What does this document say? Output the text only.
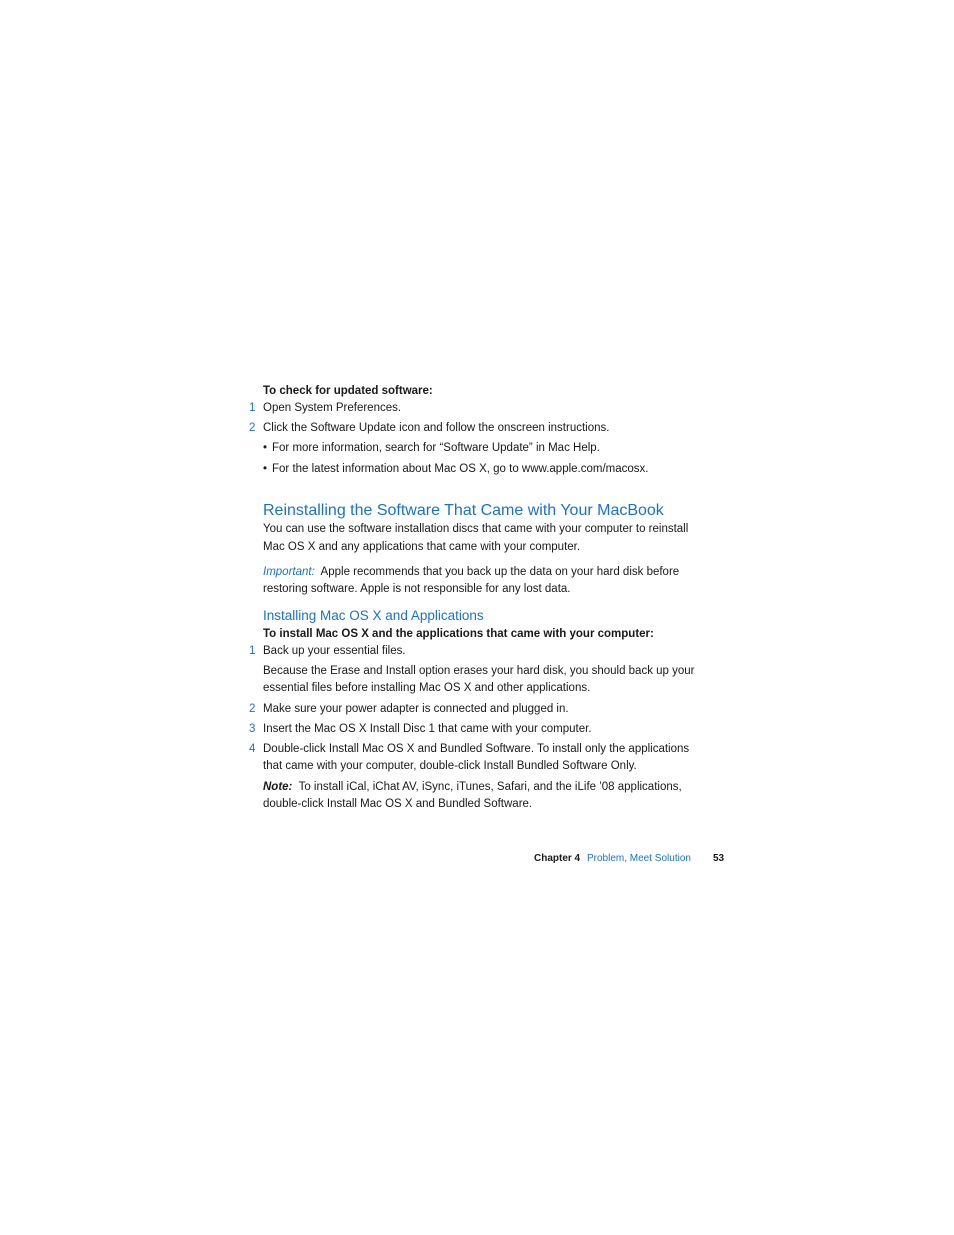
To check for updated software:
1 Open System Preferences.
2 Click the Software Update icon and follow the onscreen instructions.
• For more information, search for “Software Update” in Mac Help.
• For the latest information about Mac OS X, go to www.apple.com/macosx.
Reinstalling the Software That Came with Your MacBook
You can use the software installation discs that came with your computer to reinstall
Mac OS X and any applications that came with your computer.
Important: Apple recommends that you back up the data on your hard disk before
restoring software. Apple is not responsible for any lost data.
Installing Mac OS X and Applications
To install Mac OS X and the applications that came with your computer:
1 Back up your essential files.
Because the Erase and Install option erases your hard disk, you should back up your
essential files before installing Mac OS X and other applications.
2 Make sure your power adapter is connected and plugged in.
3 Insert the Mac OS X Install Disc 1 that came with your computer.
4 Double-click Install Mac OS X and Bundled Software. To install only the applications
that came with your computer, double-click Install Bundled Software Only.
Note: To install iCal, iChat AV, iSync, iTunes, Safari, and the iLife ’08 applications,
double-click Install Mac OS X and Bundled Software.
Chapter 4 Problem, Meet Solution 53
